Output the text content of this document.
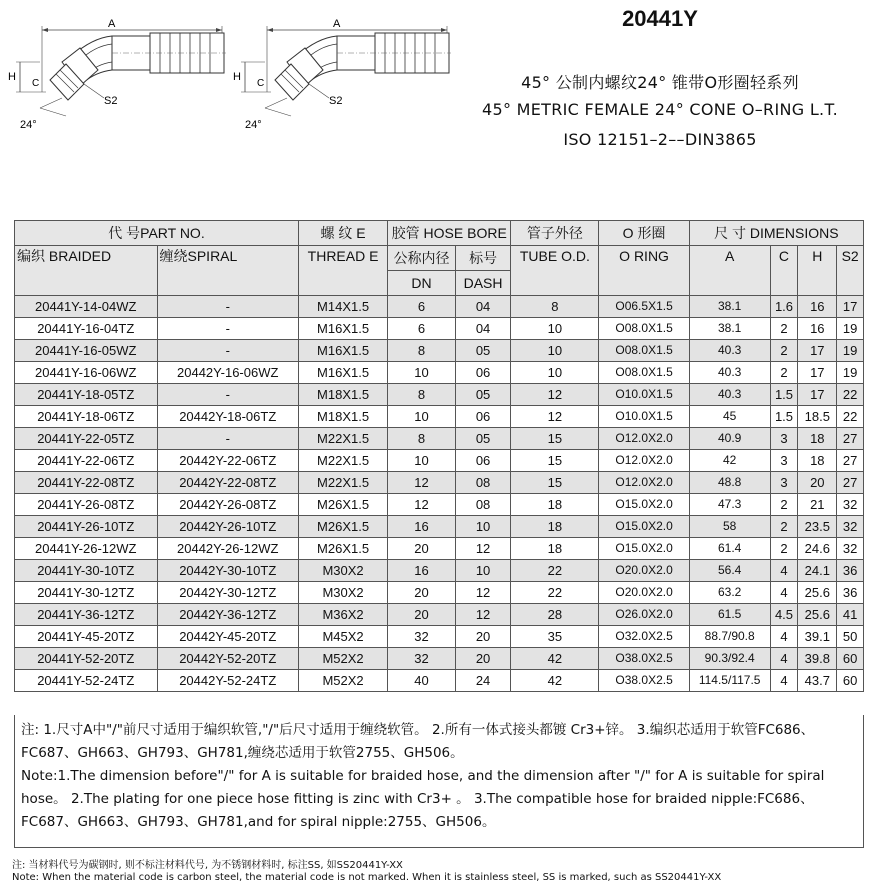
A
H
C
S2
24°
A
H
C
S2
24°
20441Y
45° 公制内螺纹24° 锥带O形圈轻系列
45° METRIC FEMALE 24° CONE O–RING L.T.
ISO 12151–2––DIN3865
代 号PART NO.		螺 纹 E	胶管 HOSE BORE		管子外径	O 形圈	尺 寸 DIMENSIONS			
编织 BRAIDED	缠绕SPIRAL	THREAD E	公称内径	标号	TUBE O.D.	O RING	A	C	H	S2
			DN	DASH						
20441Y-14-04WZ	-	M14X1.5	6	04	8	O06.5X1.5	38.1	1.6	16	17
20441Y-16-04TZ	-	M16X1.5	6	04	10	O08.0X1.5	38.1	2	16	19
20441Y-16-05WZ	-	M16X1.5	8	05	10	O08.0X1.5	40.3	2	17	19
20441Y-16-06WZ	20442Y-16-06WZ	M16X1.5	10	06	10	O08.0X1.5	40.3	2	17	19
20441Y-18-05TZ	-	M18X1.5	8	05	12	O10.0X1.5	40.3	1.5	17	22
20441Y-18-06TZ	20442Y-18-06TZ	M18X1.5	10	06	12	O10.0X1.5	45	1.5	18.5	22
20441Y-22-05TZ	-	M22X1.5	8	05	15	O12.0X2.0	40.9	3	18	27
20441Y-22-06TZ	20442Y-22-06TZ	M22X1.5	10	06	15	O12.0X2.0	42	3	18	27
20441Y-22-08TZ	20442Y-22-08TZ	M22X1.5	12	08	15	O12.0X2.0	48.8	3	20	27
20441Y-26-08TZ	20442Y-26-08TZ	M26X1.5	12	08	18	O15.0X2.0	47.3	2	21	32
20441Y-26-10TZ	20442Y-26-10TZ	M26X1.5	16	10	18	O15.0X2.0	58	2	23.5	32
20441Y-26-12WZ	20442Y-26-12WZ	M26X1.5	20	12	18	O15.0X2.0	61.4	2	24.6	32
20441Y-30-10TZ	20442Y-30-10TZ	M30X2	16	10	22	O20.0X2.0	56.4	4	24.1	36
20441Y-30-12TZ	20442Y-30-12TZ	M30X2	20	12	22	O20.0X2.0	63.2	4	25.6	36
20441Y-36-12TZ	20442Y-36-12TZ	M36X2	20	12	28	O26.0X2.0	61.5	4.5	25.6	41
20441Y-45-20TZ	20442Y-45-20TZ	M45X2	32	20	35	O32.0X2.5	88.7/90.8	4	39.1	50
20441Y-52-20TZ	20442Y-52-20TZ	M52X2	32	20	42	O38.0X2.5	90.3/92.4	4	39.8	60
20441Y-52-24TZ	20442Y-52-24TZ	M52X2	40	24	42	O38.0X2.5	114.5/117.5	4	43.7	60

注: 1.尺寸A中"/"前尺寸适用于编织软管,"/"后尺寸适用于缠绕软管。 2.所有一体式接头都镀 Cr3+锌。 3.编织芯适用于软管FC686、FC687、GH663、GH793、GH781,缠绕芯适用于软管2755、GH506。

Note:1.The dimension before"/" for A is suitable for braided hose, and the dimension after "/" for A is suitable for spiral hose。 2.The plating for one piece hose fitting is zinc with Cr3+ 。 3.The compatible hose for braided nipple:FC686、FC687、GH663、GH793、GH781,and for spiral nipple:2755、GH506。

注: 当材料代号为碳钢时, 则不标注材料代号, 为不锈钢材料时, 标注SS, 如SS20441Y-XX
Note: When the material code is carbon steel, the material code is not marked. When it is stainless steel, SS is marked, such as SS20441Y-XX
